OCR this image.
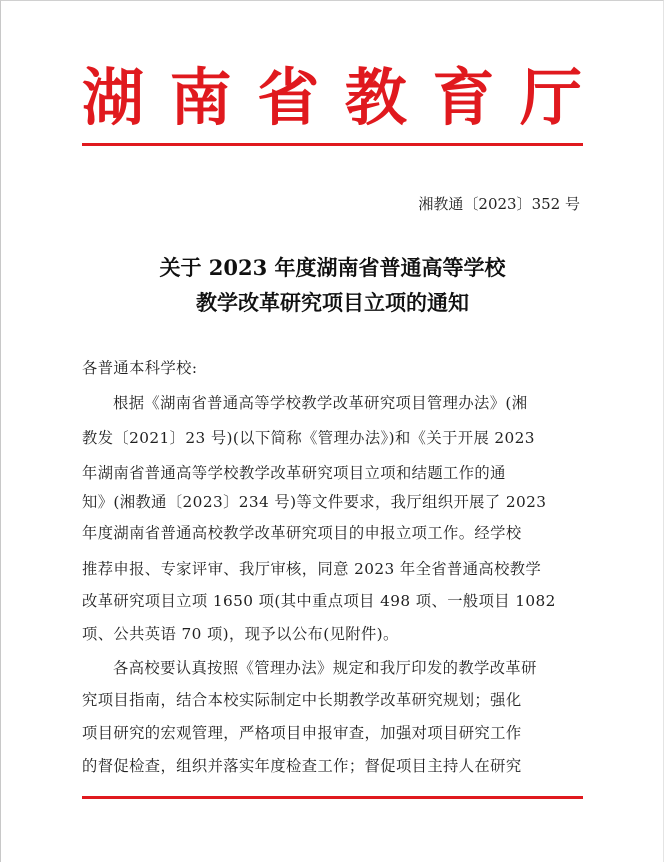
湖 南 省 教 育 厅
湘教通〔2023〕352 号
关于 2023 年度湖南省普通高等学校
教学改革研究项目立项的通知
各普通本科学校:
根据《湖南省普通高等学校教学改革研究项目管理办法》(湘
教发〔2021〕23 号)(以下简称《管理办法》)和《关于开展 2023
年湖南省普通高等学校教学改革研究项目立项和结题工作的通
知》(湘教通〔2023〕234 号)等文件要求，我厅组织开展了 2023
年度湖南省普通高校教学改革研究项目的申报立项工作。经学校
推荐申报、专家评审、我厅审核，同意 2023 年全省普通高校教学
改革研究项目立项 1650 项(其中重点项目 498 项、一般项目 1082
项、公共英语 70 项)，现予以公布(见附件)。
各高校要认真按照《管理办法》规定和我厅印发的教学改革研
究项目指南，结合本校实际制定中长期教学改革研究规划；强化
项目研究的宏观管理，严格项目申报审查，加强对项目研究工作
的督促检查，组织并落实年度检查工作；督促项目主持人在研究
